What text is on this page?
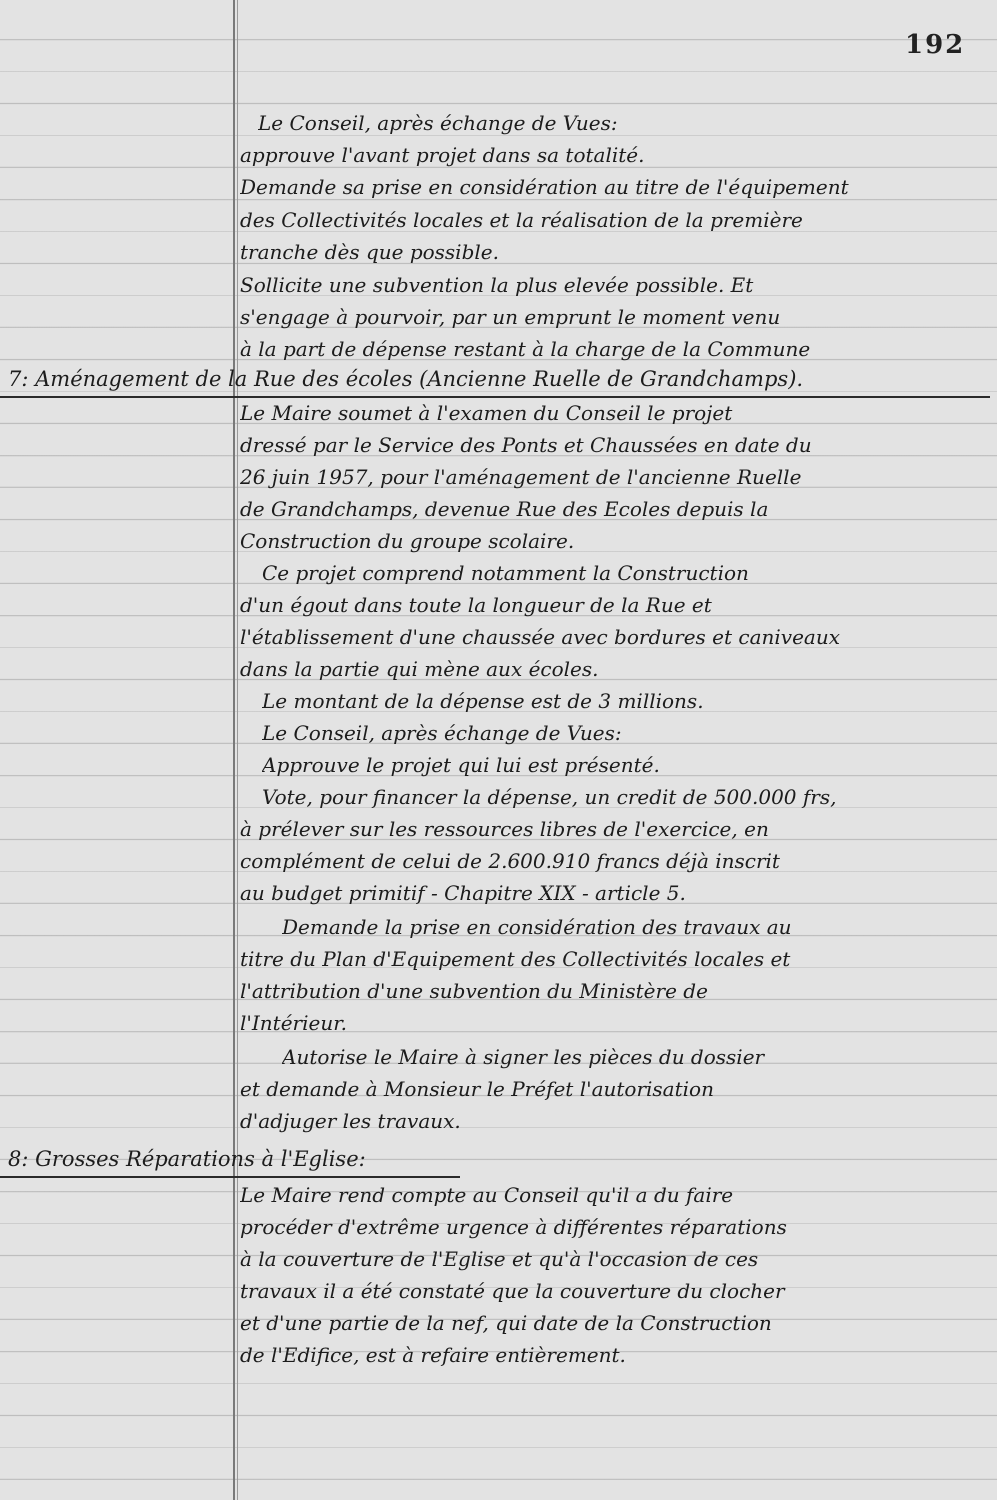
192
Le Conseil, après échange de Vues:
approuve l'avant projet dans sa totalité.
Demande sa prise en considération au titre de l'équipement
des Collectivités locales et la réalisation de la première
tranche dès que possible.
Sollicite une subvention la plus elevée possible. Et
s'engage à pourvoir, par un emprunt le moment venu
à la part de dépense restant à la charge de la Commune
7: Aménagement de la Rue des écoles (Ancienne Ruelle de Grandchamps).
Le Maire soumet à l'examen du Conseil le projet
dressé par le Service des Ponts et Chaussées en date du
26 juin 1957, pour l'aménagement de l'ancienne Ruelle
de Grandchamps, devenue Rue des Ecoles depuis la
Construction du groupe scolaire.
Ce projet comprend notamment la Construction
d'un égout dans toute la longueur de la Rue et
l'établissement d'une chaussée avec bordures et caniveaux
dans la partie qui mène aux écoles.
Le montant de la dépense est de 3 millions.
Le Conseil, après échange de Vues:
Approuve le projet qui lui est présenté.
Vote, pour financer la dépense, un credit de 500.000 frs,
à prélever sur les ressources libres de l'exercice, en
complément de celui de 2.600.910 francs déjà inscrit
au budget primitif - Chapitre XIX - article 5.
Demande la prise en considération des travaux au
titre du Plan d'Equipement des Collectivités locales et
l'attribution d'une subvention du Ministère de
l'Intérieur.
Autorise le Maire à signer les pièces du dossier
et demande à Monsieur le Préfet l'autorisation
d'adjuger les travaux.
8: Grosses Réparations à l'Eglise:
Le Maire rend compte au Conseil qu'il a du faire
procéder d'extrême urgence à différentes réparations
à la couverture de l'Eglise et qu'à l'occasion de ces
travaux il a été constaté que la couverture du clocher
et d'une partie de la nef, qui date de la Construction
de l'Edifice, est à refaire entièrement.
